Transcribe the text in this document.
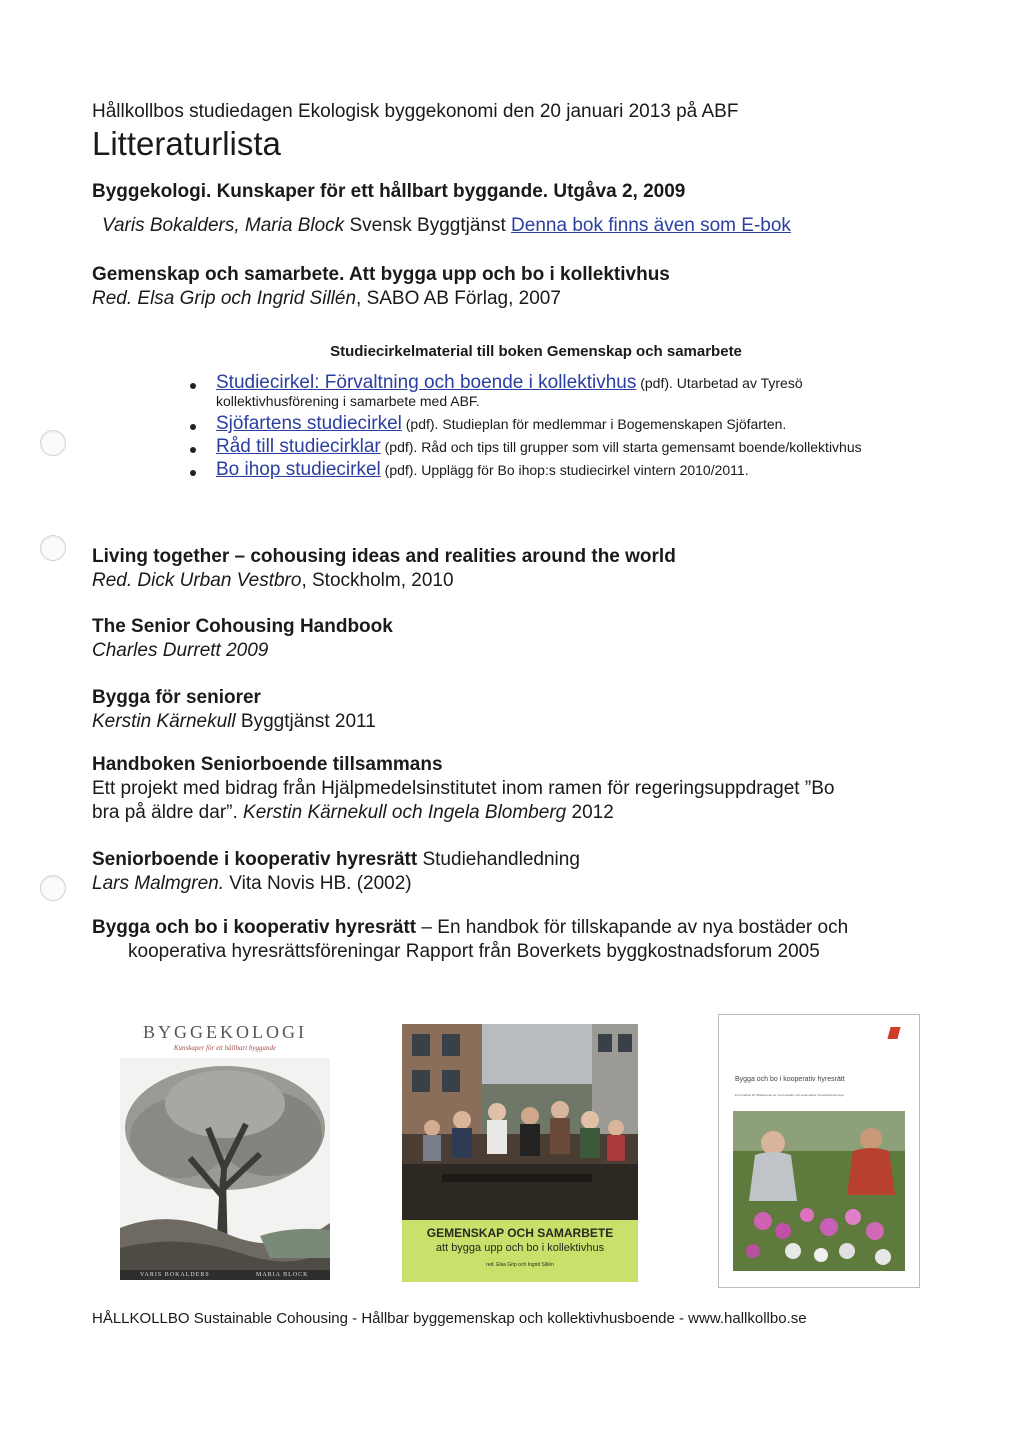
Hållkollbos studiedagen Ekologisk byggekonomi den 20 januari 2013 på ABF
Litteraturlista
Byggekologi. Kunskaper för ett hållbart byggande. Utgåva 2, 2009
Varis Bokalders, Maria Block Svensk Byggtjänst Denna bok finns även som E-bok
Gemenskap och samarbete. Att bygga upp och bo i kollektivhus
Red. Elsa Grip och Ingrid Sillén, SABO AB Förlag, 2007
Studiecirkelmaterial till boken Gemenskap och samarbete
Studiecirkel: Förvaltning och boende i kollektivhus (pdf). Utarbetad av Tyresö kollektivhusförening i samarbete med ABF.
Sjöfartens studiecirkel (pdf). Studieplan för medlemmar i Bogemenskapen Sjöfarten.
Råd till studiecirklar (pdf). Råd och tips till grupper som vill starta gemensamt boende/kollektivhus
Bo ihop studiecirkel (pdf). Upplägg för Bo ihop:s studiecirkel vintern 2010/2011.
Living together – cohousing ideas and realities around the world
Red. Dick Urban Vestbro, Stockholm, 2010
The Senior Cohousing Handbook
Charles Durrett 2009
Bygga för seniorer
Kerstin Kärnekull Byggtjänst 2011
Handboken Seniorboende tillsammans
Ett projekt med bidrag från Hjälpmedelsinstitutet inom ramen för regeringsuppdraget ”Bo
bra på äldre dar”. Kerstin Kärnekull och Ingela Blomberg 2012
Seniorboende i kooperativ hyresrätt Studiehandledning
Lars Malmgren. Vita Novis HB. (2002)
Bygga och bo i kooperativ hyresrätt – En handbok för tillskapande av nya bostäder och
kooperativa hyresrättsföreningar Rapport från Boverkets byggkostnadsforum 2005
BYGGEKOLOGI
Kunskaper för ett hållbart byggande
VARIS BOKALDERS	MARIA BLOCK
GEMENSKAP OCH SAMARBETE
att bygga upp och bo i kollektivhus
red. Elsa Grip och Ingrid Sillén
Bygga och bo i kooperativ hyresrätt
En handbok för tillskapande av nya bostäder och kooperativa hyresrättsföreningar
HÅLLKOLLBO Sustainable Cohousing - Hållbar byggemenskap och kollektivhusboende - www.hallkollbo.se
